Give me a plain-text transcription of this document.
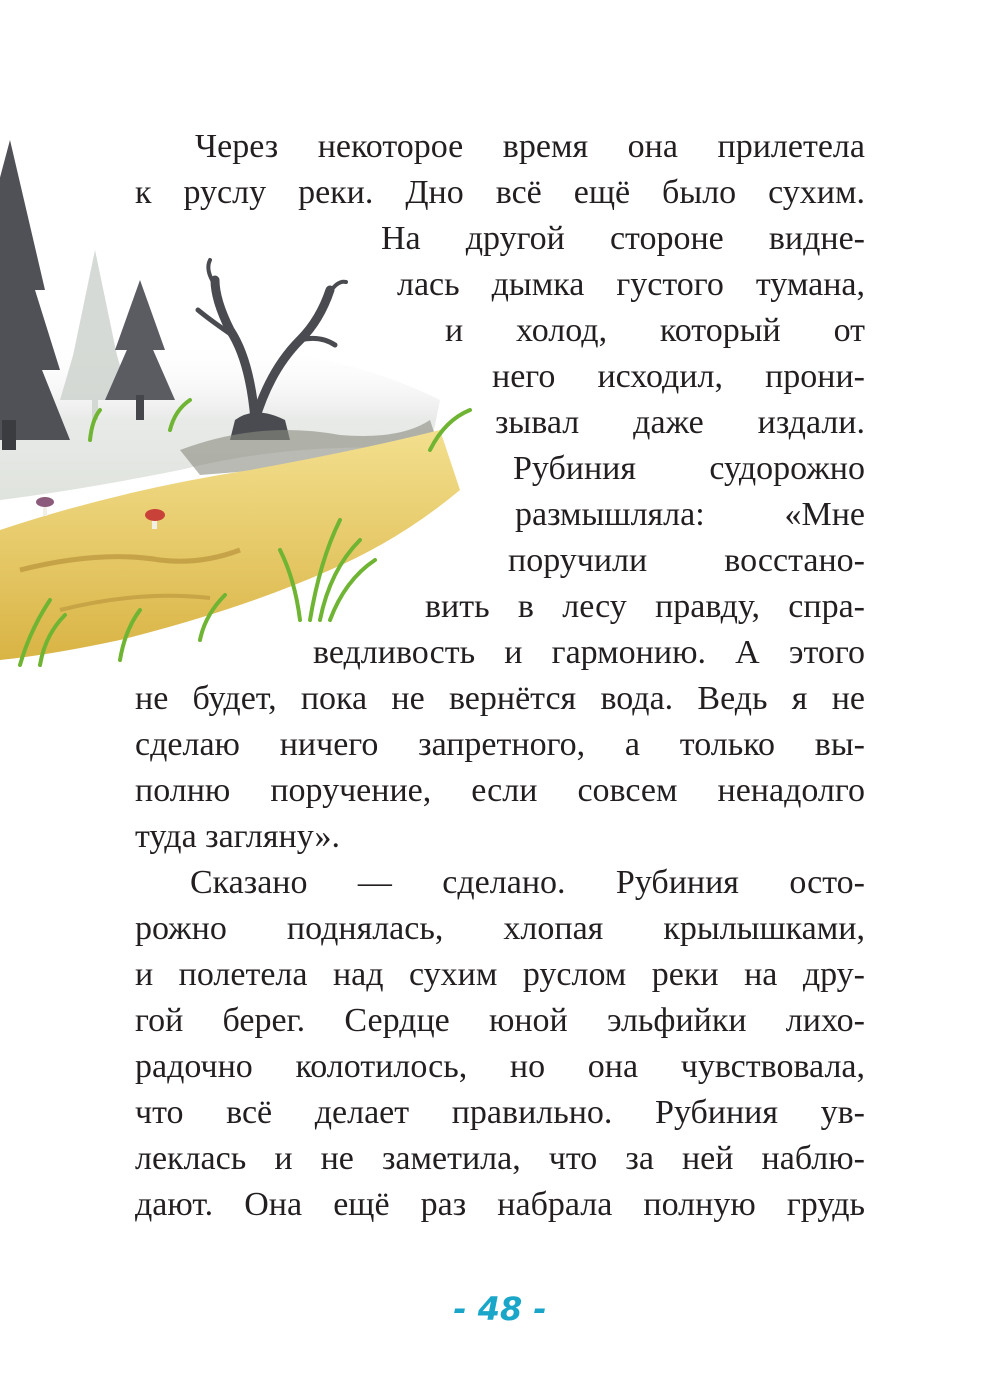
Через некоторое время она прилетела
к руслу реки. Дно всё ещё было сухим.
На другой стороне видне-
лась дымка густого тумана,
и холод, который от
него исходил, прони-
зывал даже издали.
Рубиния судорожно
размышляла: «Мне
поручили восстано-
вить в лесу правду, спра-
ведливость и гармонию. А этого
не будет, пока не вернётся вода. Ведь я не
сделаю ничего запретного, а только вы-
полню поручение, если совсем ненадолго
туда загляну».
Сказано — сделано. Рубиния осто-
рожно поднялась, хлопая крылышками,
и полетела над сухим руслом реки на дру-
гой берег. Сердце юной эльфийки лихо-
радочно колотилось, но она чувствовала,
что всё делает правильно. Рубиния ув-
леклась и не заметила, что за ней наблю-
дают. Она ещё раз набрала полную грудь
- 48 -
